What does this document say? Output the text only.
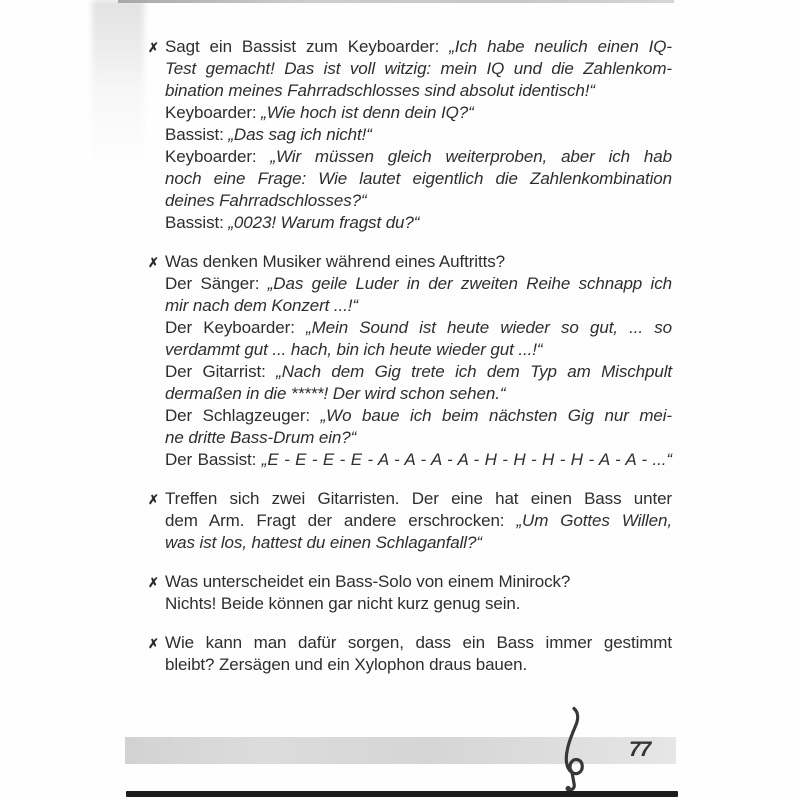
✗ Sagt ein Bassist zum Keyboarder: „Ich habe neulich einen IQ-
Test gemacht! Das ist voll witzig: mein IQ und die Zahlenkom-
bination meines Fahrradschlosses sind absolut identisch!“
Keyboarder: „Wie hoch ist denn dein IQ?“
Bassist: „Das sag ich nicht!“
Keyboarder: „Wir müssen gleich weiterproben, aber ich hab
noch eine Frage: Wie lautet eigentlich die Zahlenkombination
deines Fahrradschlosses?“
Bassist: „0023! Warum fragst du?“
✗ Was denken Musiker während eines Auftritts?
Der Sänger: „Das geile Luder in der zweiten Reihe schnapp ich
mir nach dem Konzert ...!“
Der Keyboarder: „Mein Sound ist heute wieder so gut, ... so
verdammt gut ... hach, bin ich heute wieder gut ...!“
Der Gitarrist: „Nach dem Gig trete ich dem Typ am Mischpult
dermaßen in die *****! Der wird schon sehen.“
Der Schlagzeuger: „Wo baue ich beim nächsten Gig nur mei-
ne dritte Bass-Drum ein?“
Der Bassist: „E - E - E - E - A - A - A - A - H - H - H - H - A - A - ...“
✗ Treffen sich zwei Gitarristen. Der eine hat einen Bass unter
dem Arm. Fragt der andere erschrocken: „Um Gottes Willen,
was ist los, hattest du einen Schlaganfall?“
✗ Was unterscheidet ein Bass-Solo von einem Minirock?
Nichts! Beide können gar nicht kurz genug sein.
✗ Wie kann man dafür sorgen, dass ein Bass immer gestimmt
bleibt? Zersägen und ein Xylophon draus bauen.
77
